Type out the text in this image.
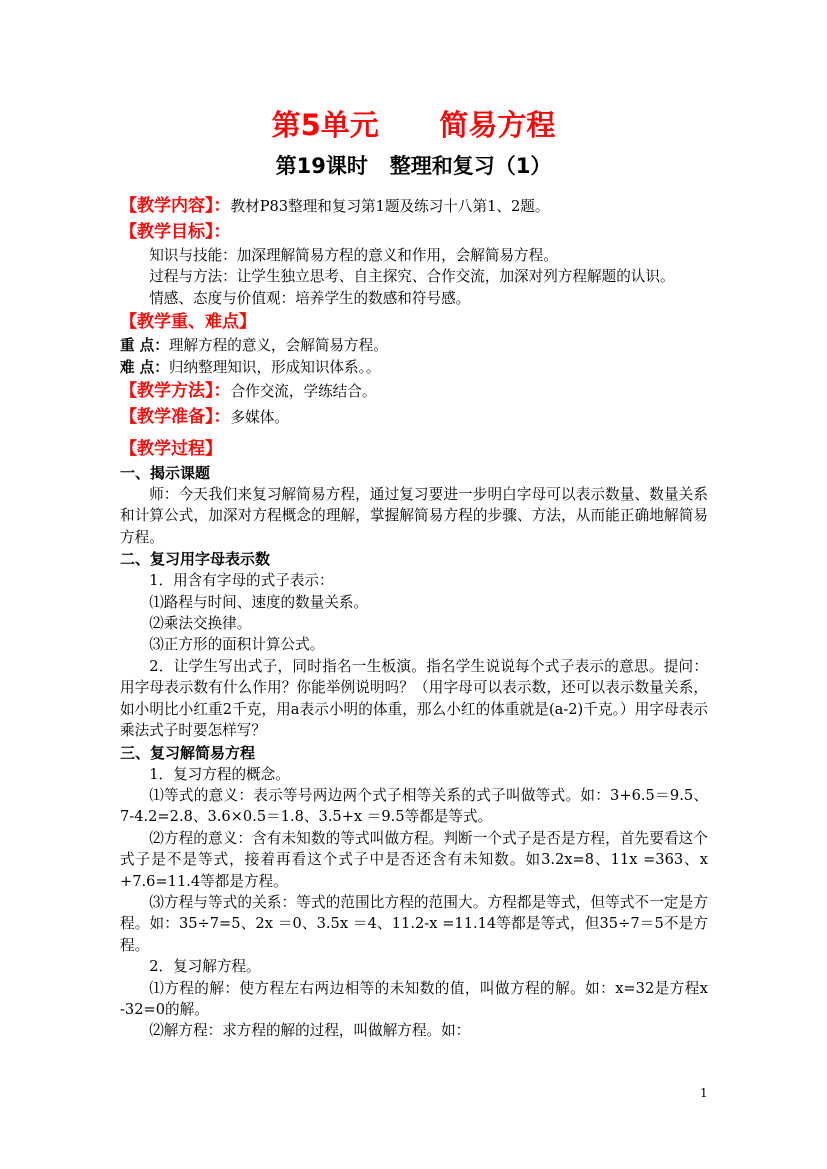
第5单元      简易方程
第19课时   整理和复习（1）

【教学内容】：教材P83整理和复习第1题及练习十八第1、2题。

【教学目标】：

知识与技能：加深理解简易方程的意义和作用，会解简易方程。

过程与方法：让学生独立思考、自主探究、合作交流，加深对列方程解题的认识。

情感、态度与价值观：培养学生的数感和符号感。

【教学重、难点】

重 点：理解方程的意义，会解简易方程。

难 点：归纳整理知识，形成知识体系。。

【教学方法】：合作交流，学练结合。

【教学准备】：多媒体。

【教学过程】

一、揭示课题

师：今天我们来复习解简易方程，通过复习要进一步明白字母可以表示数量、数量关系和计算公式，加深对方程概念的理解，掌握解简易方程的步骤、方法，从而能正确地解简易方程。

二、复习用字母表示数

1．用含有字母的式子表示：

⑴路程与时间、速度的数量关系。

⑵乘法交换律。

⑶正方形的面积计算公式。

2．让学生写出式子，同时指名一生板演。指名学生说说每个式子表示的意思。提问：用字母表示数有什么作用？你能举例说明吗？（用字母可以表示数，还可以表示数量关系，如小明比小红重2千克，用a表示小明的体重，那么小红的体重就是(a-2)千克。）用字母表示乘法式子时要怎样写？

三、复习解简易方程

1．复习方程的概念。

⑴等式的意义：表示等号两边两个式子相等关系的式子叫做等式。如：3+6.5＝9.5、7-4.2=2.8、3.6×0.5＝1.8、3.5+x ＝9.5等都是等式。

⑵方程的意义：含有未知数的等式叫做方程。判断一个式子是否是方程，首先要看这个式子是不是等式，接着再看这个式子中是否还含有未知数。如3.2x=8、11x =363、x +7.6=11.4等都是方程。

⑶方程与等式的关系：等式的范围比方程的范围大。方程都是等式，但等式不一定是方程。如：35÷7=5、2x ＝0、3.5x ＝4、11.2-x =11.14等都是等式，但35÷7＝5不是方程。

2．复习解方程。

⑴方程的解：使方程左右两边相等的未知数的值，叫做方程的解。如：x=32是方程x -32=0的解。

⑵解方程：求方程的解的过程，叫做解方程。如：

1
